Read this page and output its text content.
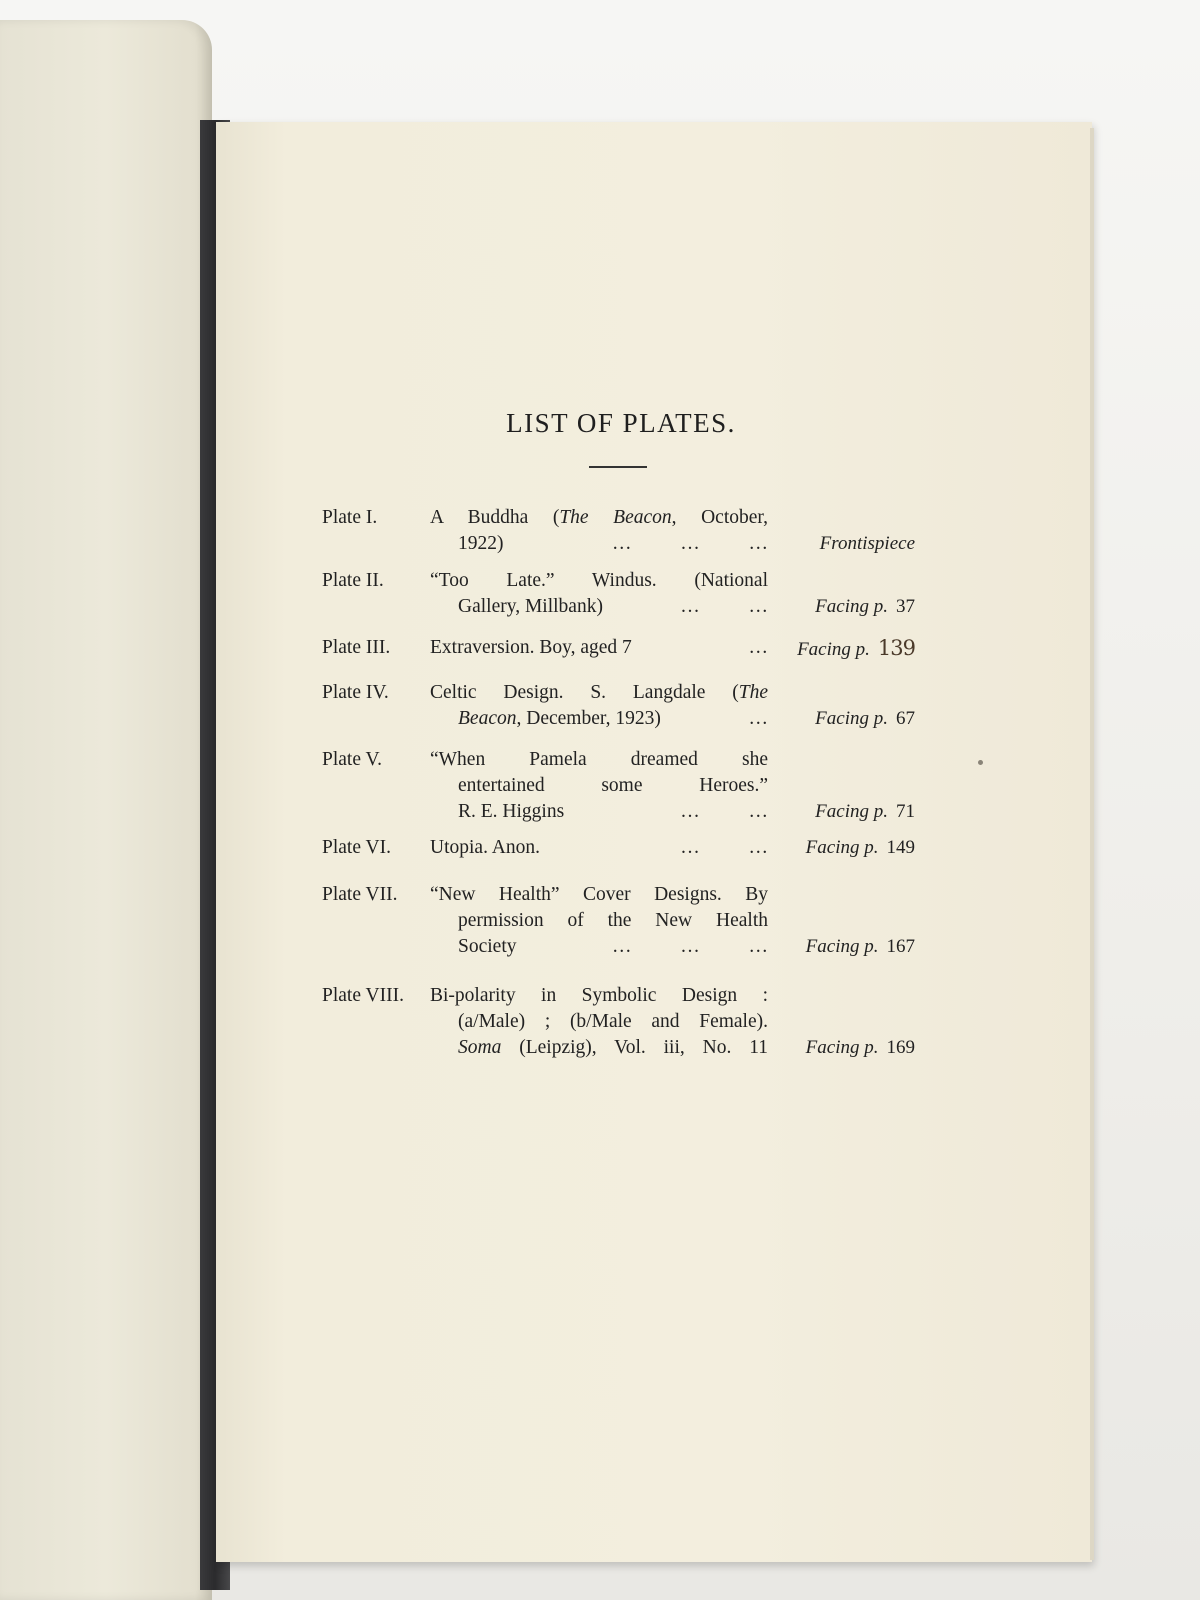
LIST OF PLATES.
Plate I.	A Buddha (The Beacon, October,
1922)	…          …          …	Frontispiece
Plate II. “Too Late.” Windus. (National
Gallery, Millbank)	…          … Facing p. 37
Plate III. Extraversion. Boy, aged 7	… Facing p. 139
Plate IV. Celtic Design. S. Langdale (The
Beacon, December, 1923)	… Facing p. 67
Plate V. “When Pamela dreamed she
entertained some Heroes.”
R. E. Higgins	…          … Facing p. 71
Plate VI. Utopia. Anon.	…          … Facing p. 149
Plate VII. “New Health” Cover Designs. By
permission of the New Health
Society	…          …          … Facing p. 167
Plate VIII. Bi-polarity in Symbolic Design :
(a/Male) ; (b/Male and Female).
Soma (Leipzig), Vol. iii, No. 11 Facing p. 169
